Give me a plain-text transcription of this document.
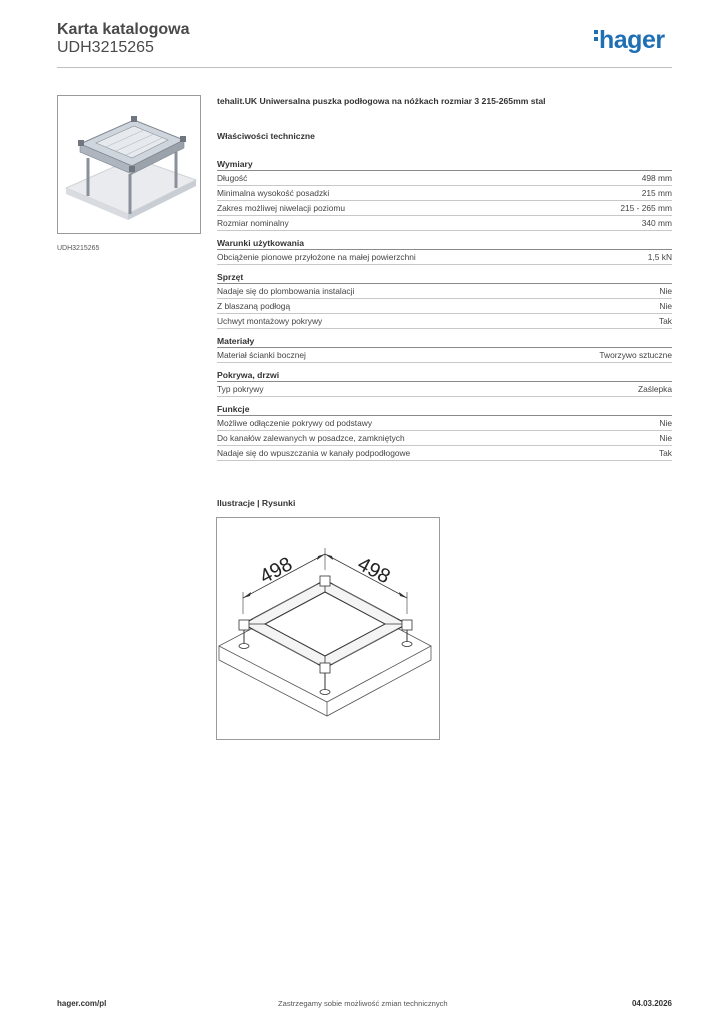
Karta katalogowa
UDH3215265	hager
UDH3215265
tehalit.UK Uniwersalna puszka podłogowa na nóżkach rozmiar 3 215-265mm stal
Właściwości techniczne
Wymiary
Długość	498 mm
Minimalna wysokość posadzki	215 mm
Zakres możliwej niwelacji poziomu	215 - 265 mm
Rozmiar nominalny	340 mm
Warunki użytkowania
Obciążenie pionowe przyłożone na małej powierzchni	1,5 kN
Sprzęt
Nadaje się do plombowania instalacji	Nie
Z blaszaną podłogą	Nie
Uchwyt montażowy pokrywy	Tak
Materiały
Materiał ścianki bocznej	Tworzywo sztuczne
Pokrywa, drzwi
Typ pokrywy	Zaślepka
Funkcje
Możliwe odłączenie pokrywy od podstawy	Nie
Do kanałów zalewanych w posadzce, zamkniętych	Nie
Nadaje się do wpuszczania w kanały podpodłogowe	Tak
Ilustracje | Rysunki
498	498
hager.com/pl	Zastrzegamy sobie możliwość zmian technicznych	04.03.2026
